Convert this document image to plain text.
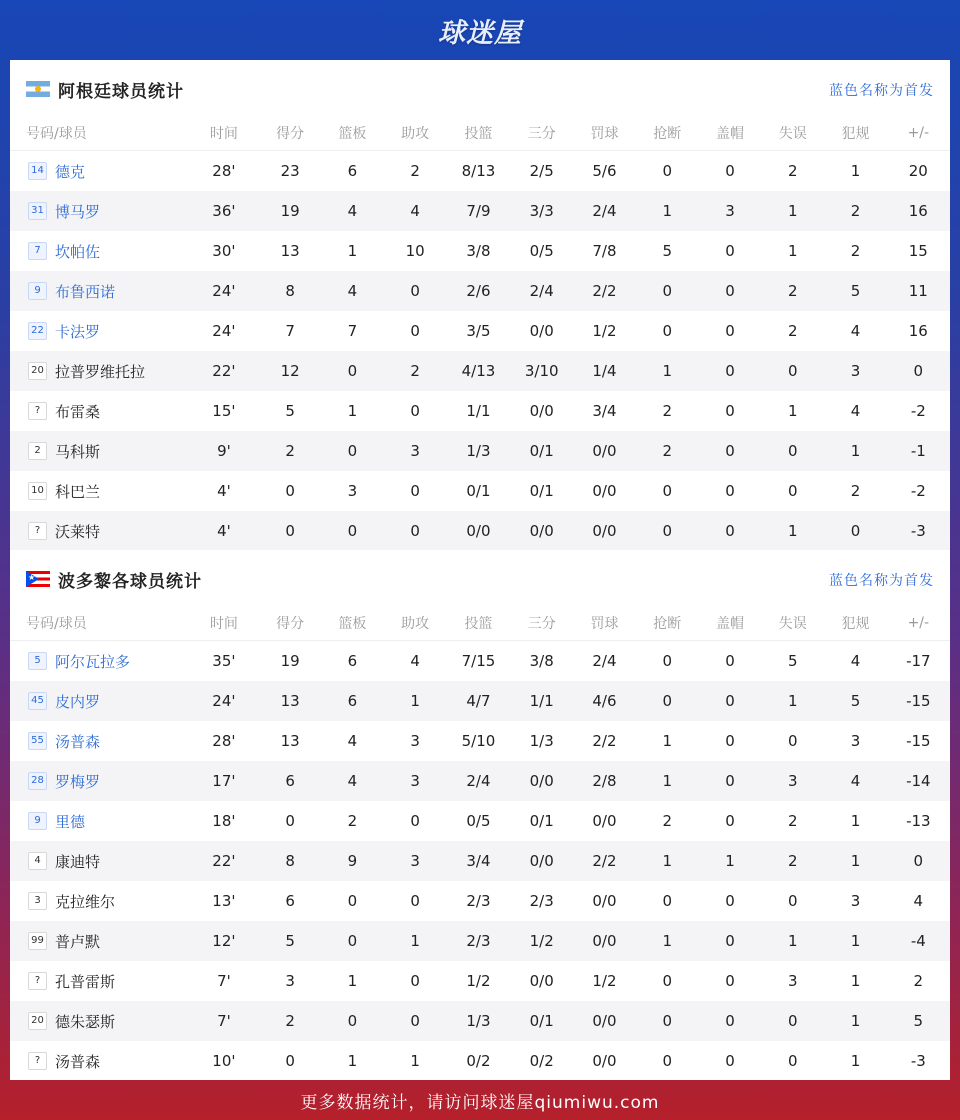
球迷屋
阿根廷球员统计	蓝色名称为首发
号码/球员	时间	得分	篮板	助攻	投篮	三分	罚球	抢断	盖帽	失误	犯规	+/-
14 德克	28'	23	6	2	8/13	2/5	5/6	0	0	2	1	20
31 博马罗	36'	19	4	4	7/9	3/3	2/4	1	3	1	2	16
7 坎帕佐	30'	13	1	10	3/8	0/5	7/8	5	0	1	2	15
9 布鲁西诺	24'	8	4	0	2/6	2/4	2/2	0	0	2	5	11
22 卡法罗	24'	7	7	0	3/5	0/0	1/2	0	0	2	4	16
20 拉普罗维托拉	22'	12	0	2	4/13	3/10	1/4	1	0	0	3	0
? 布雷桑	15'	5	1	0	1/1	0/0	3/4	2	0	1	4	-2
2 马科斯	9'	2	0	3	1/3	0/1	0/0	2	0	0	1	-1
10 科巴兰	4'	0	3	0	0/1	0/1	0/0	0	0	0	2	-2
? 沃莱特	4'	0	0	0	0/0	0/0	0/0	0	0	1	0	-3
★ 波多黎各球员统计	蓝色名称为首发
号码/球员	时间	得分	篮板	助攻	投篮	三分	罚球	抢断	盖帽	失误	犯规	+/-
5 阿尔瓦拉多	35'	19	6	4	7/15	3/8	2/4	0	0	5	4	-17
45 皮内罗	24'	13	6	1	4/7	1/1	4/6	0	0	1	5	-15
55 汤普森	28'	13	4	3	5/10	1/3	2/2	1	0	0	3	-15
28 罗梅罗	17'	6	4	3	2/4	0/0	2/8	1	0	3	4	-14
9 里德	18'	0	2	0	0/5	0/1	0/0	2	0	2	1	-13
4 康迪特	22'	8	9	3	3/4	0/0	2/2	1	1	2	1	0
3 克拉维尔	13'	6	0	0	2/3	2/3	0/0	0	0	0	3	4
99 普卢默	12'	5	0	1	2/3	1/2	0/0	1	0	1	1	-4
? 孔普雷斯	7'	3	1	0	1/2	0/0	1/2	0	0	3	1	2
20 德朱瑟斯	7'	2	0	0	1/3	0/1	0/0	0	0	0	1	5
? 汤普森	10'	0	1	1	0/2	0/2	0/0	0	0	0	1	-3
更多数据统计，请访问球迷屋qiumiwu.com
